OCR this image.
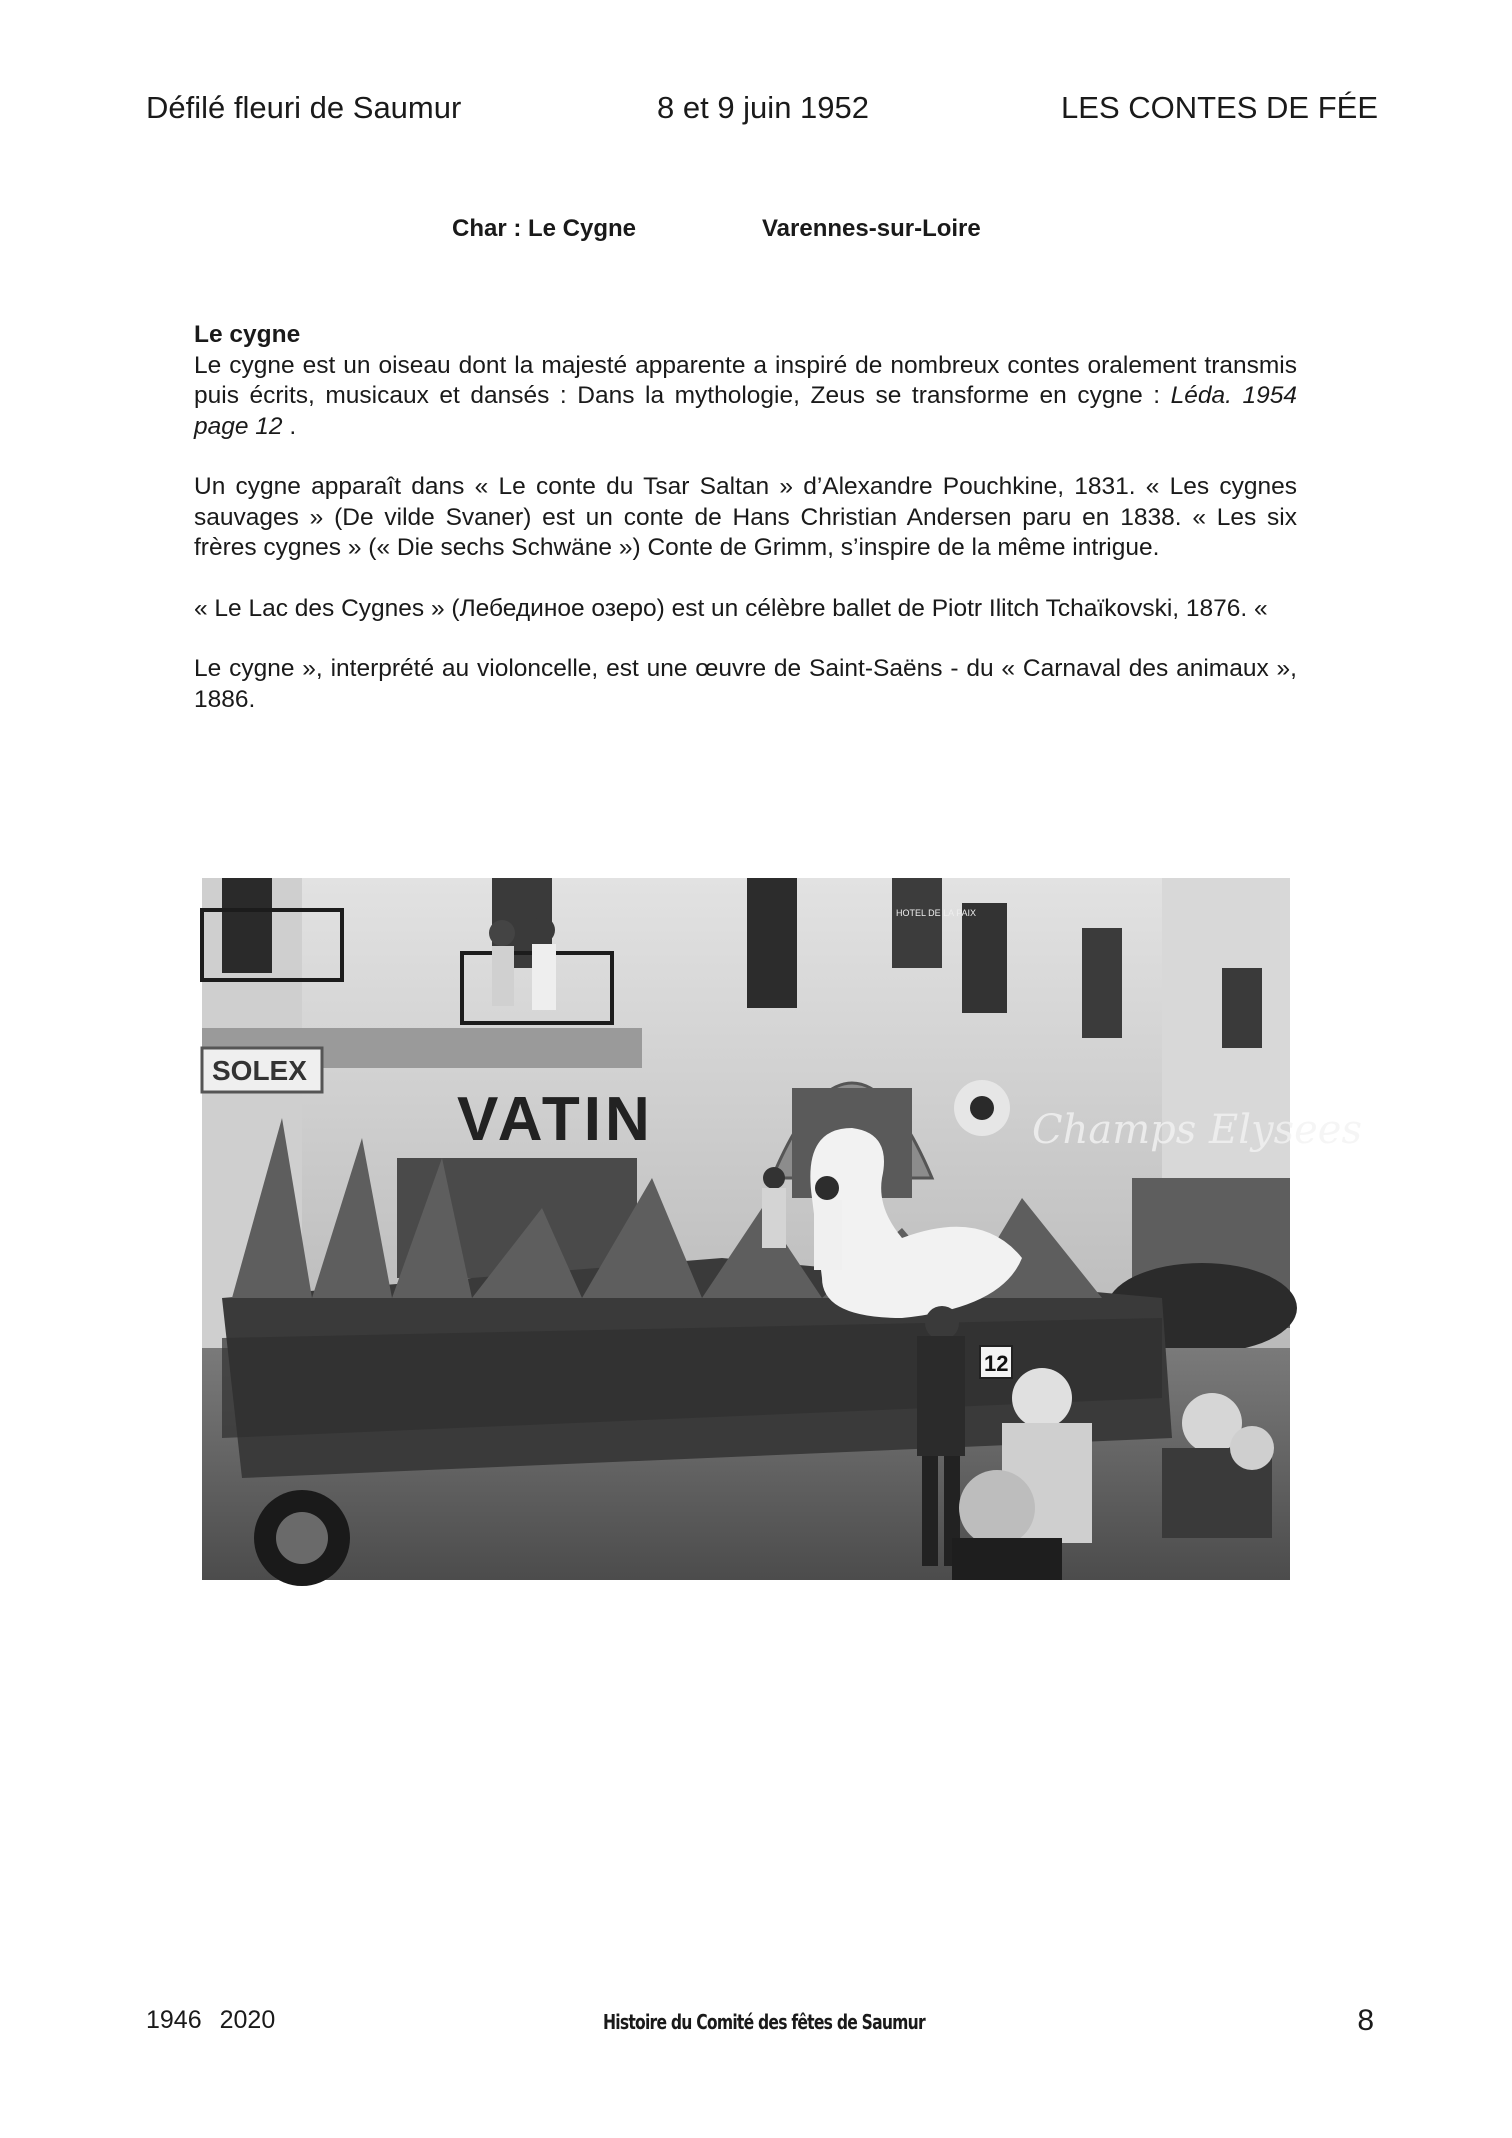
Défilé fleuri de Saumur	8 et 9 juin 1952	LES CONTES DE FÉE
Char : Le Cygne	Varennes-sur-Loire
Le cygne

Le cygne est un oiseau dont la majesté apparente a inspiré de nombreux contes oralement transmis puis écrits, musicaux et dansés : Dans la mythologie, Zeus se transforme en cygne : Léda. 1954 page 12 .

Un cygne apparaît dans « Le conte du Tsar Saltan » d’Alexandre Pouchkine, 1831. « Les cygnes sauvages » (De vilde Svaner) est un conte de Hans Christian Andersen paru en 1838. « Les six frères cygnes » (« Die sechs Schwäne ») Conte de Grimm, s’inspire de la même intrigue.

« Le Lac des Cygnes » (Лебединое озеро) est un célèbre ballet de Piotr Ilitch Tchaïkovski, 1876. «

Le cygne », interprété au violoncelle, est une œuvre de Saint-Saëns - du « Carnaval des animaux », 1886.

SOLEX
VATIN
HOTEL DE LA PAIX
Champs Elysees
12
1946 2020	Histoire du Comité des fêtes de Saumur	8
